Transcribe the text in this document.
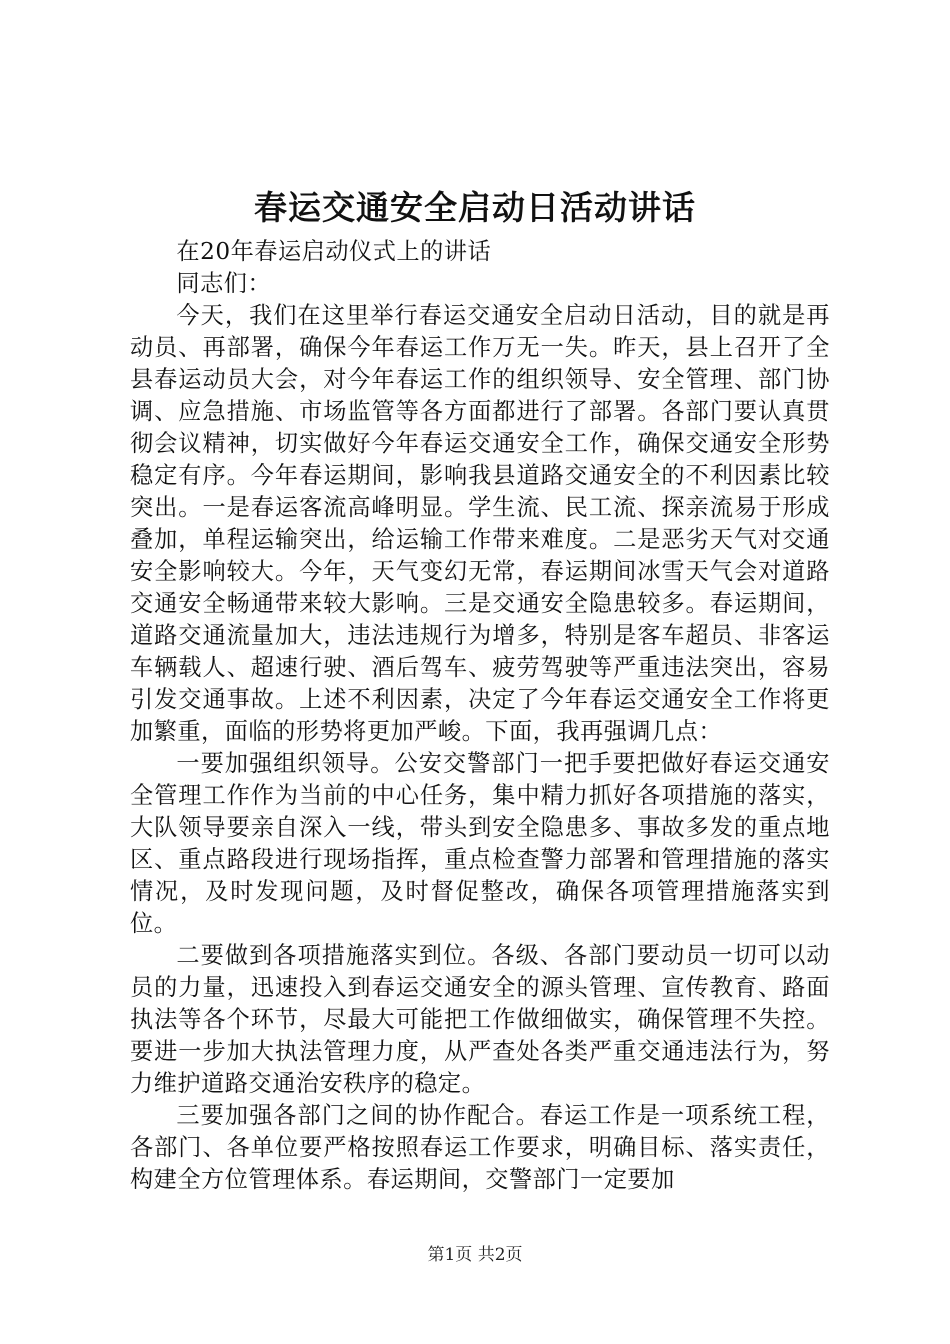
春运交通安全启动日活动讲话

在20年春运启动仪式上的讲话

同志们：

今天，我们在这里举行春运交通安全启动日活动，目的就是再动员、再部署，确保今年春运工作万无一失。昨天，县上召开了全县春运动员大会，对今年春运工作的组织领导、安全管理、部门协调、应急措施、市场监管等各方面都进行了部署。各部门要认真贯彻会议精神，切实做好今年春运交通安全工作，确保交通安全形势稳定有序。今年春运期间，影响我县道路交通安全的不利因素比较突出。一是春运客流高峰明显。学生流、民工流、探亲流易于形成叠加，单程运输突出，给运输工作带来难度。二是恶劣天气对交通安全影响较大。今年，天气变幻无常，春运期间冰雪天气会对道路交通安全畅通带来较大影响。三是交通安全隐患较多。春运期间，道路交通流量加大，违法违规行为增多，特别是客车超员、非客运车辆载人、超速行驶、酒后驾车、疲劳驾驶等严重违法突出，容易引发交通事故。上述不利因素，决定了今年春运交通安全工作将更加繁重，面临的形势将更加严峻。下面，我再强调几点：

一要加强组织领导。公安交警部门一把手要把做好春运交通安全管理工作作为当前的中心任务，集中精力抓好各项措施的落实，大队领导要亲自深入一线，带头到安全隐患多、事故多发的重点地区、重点路段进行现场指挥，重点检查警力部署和管理措施的落实情况，及时发现问题，及时督促整改，确保各项管理措施落实到位。

二要做到各项措施落实到位。各级、各部门要动员一切可以动员的力量，迅速投入到春运交通安全的源头管理、宣传教育、路面执法等各个环节，尽最大可能把工作做细做实，确保管理不失控。要进一步加大执法管理力度，从严查处各类严重交通违法行为，努力维护道路交通治安秩序的稳定。

三要加强各部门之间的协作配合。春运工作是一项系统工程，各部门、各单位要严格按照春运工作要求，明确目标、落实责任，构建全方位管理体系。春运期间，交警部门一定要加

第1页 共2页
